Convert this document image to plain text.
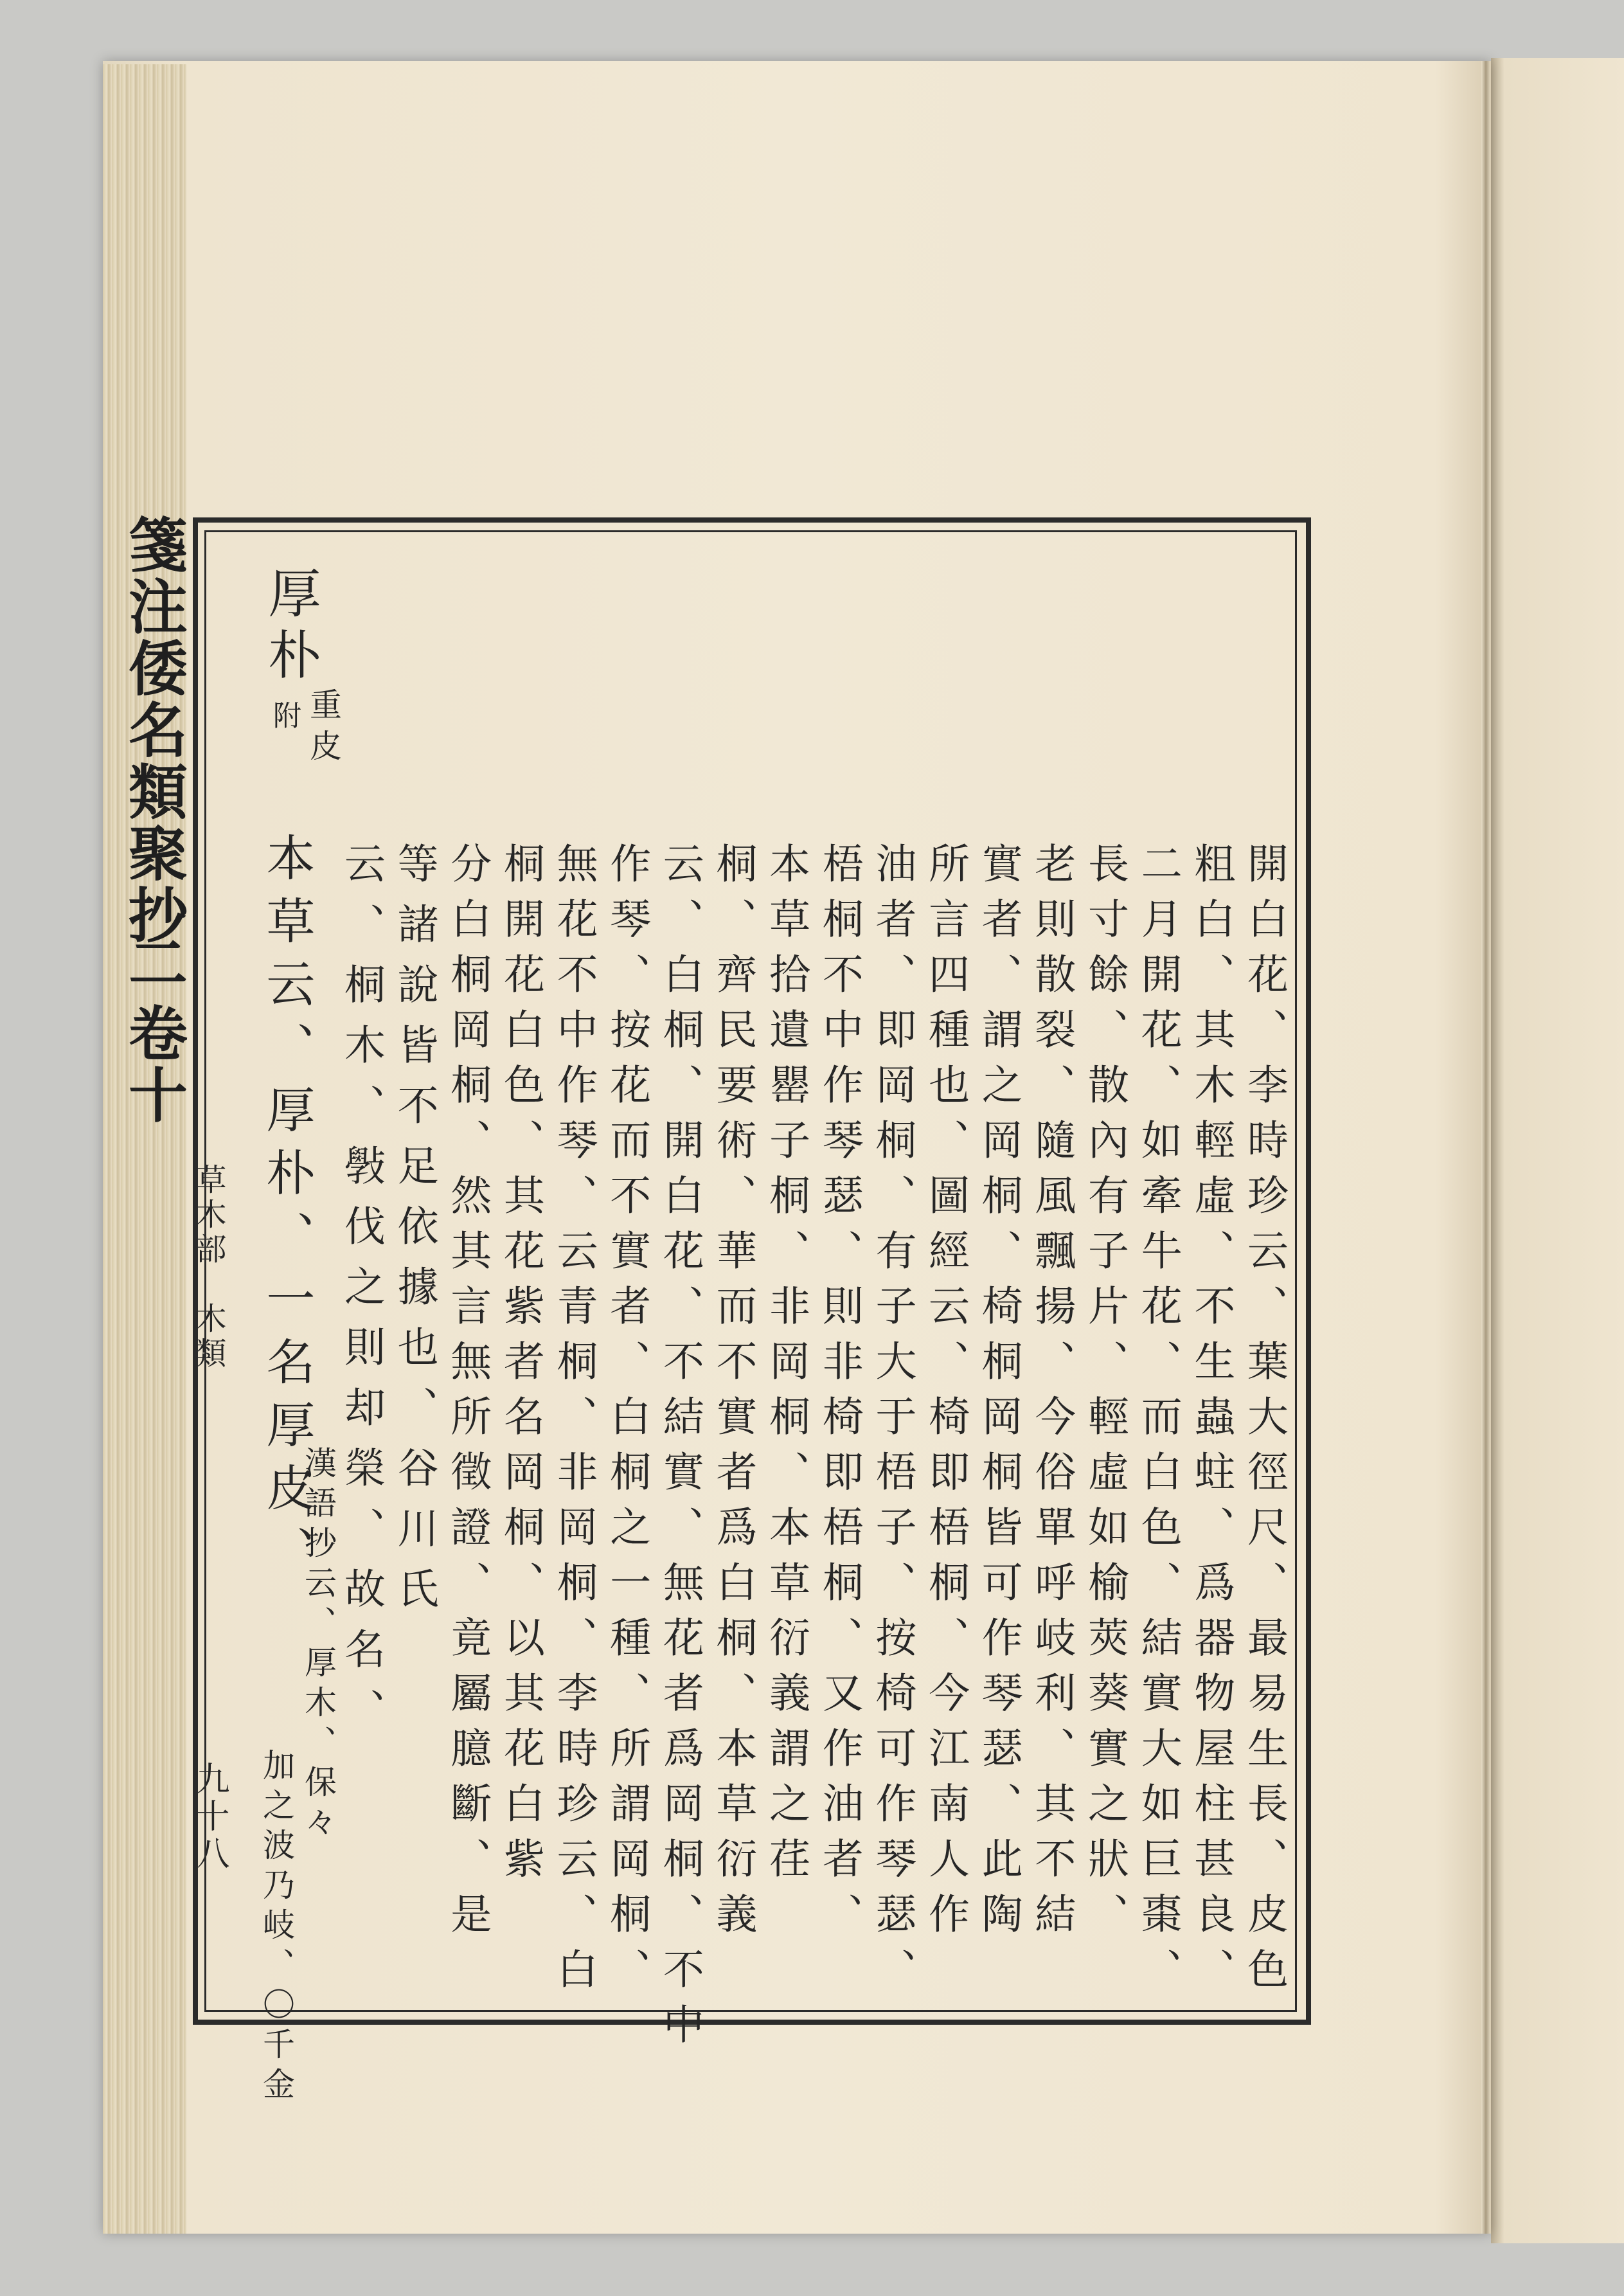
箋注倭名類聚抄
二
卷十
草木部　木類
九十八
厚朴
附 重皮
本草云、厚朴、一名厚皮、 云、桐木、斅伐之則却榮、故名、 等諸說皆不足依據也、谷川氏 分白桐岡桐、然其言無所徵證、竟屬臆斷、是 桐開花白色、其花紫者名岡桐、以其花白紫 無花不中作琴、云青桐、非岡桐、李時珍云、白 作琴、按花而不實者、白桐之一種、所謂岡桐、 云、白桐、開白花、不結實、無花者爲岡桐、不中 桐、齊民要術、華而不實者爲白桐、本草衍義 本草拾遺罌子桐、非岡桐、本草衍義謂之荏 梧桐不中作琴瑟、則非椅即梧桐、又作油者、 油者、即岡桐、有子大于梧子、按椅可作琴瑟、 所言四種也、圖經云、椅即梧桐、今江南人作 實者、謂之岡桐、椅桐岡桐皆可作琴瑟、此陶 老則散裂、隨風飄揚、今俗單呼岐利、其不結 長寸餘、散內有子片、輕虛如榆莢葵實之狀、 二月開花、如牽牛花、而白色、結實大如巨棗、 粗白、其木輕虛、不生蟲蛀、爲器物屋柱甚良、 開白花、李時珍云、葉大徑尺、最易生長、皮色
漢語抄云、厚木、保々
加之波乃岐、〇千金
